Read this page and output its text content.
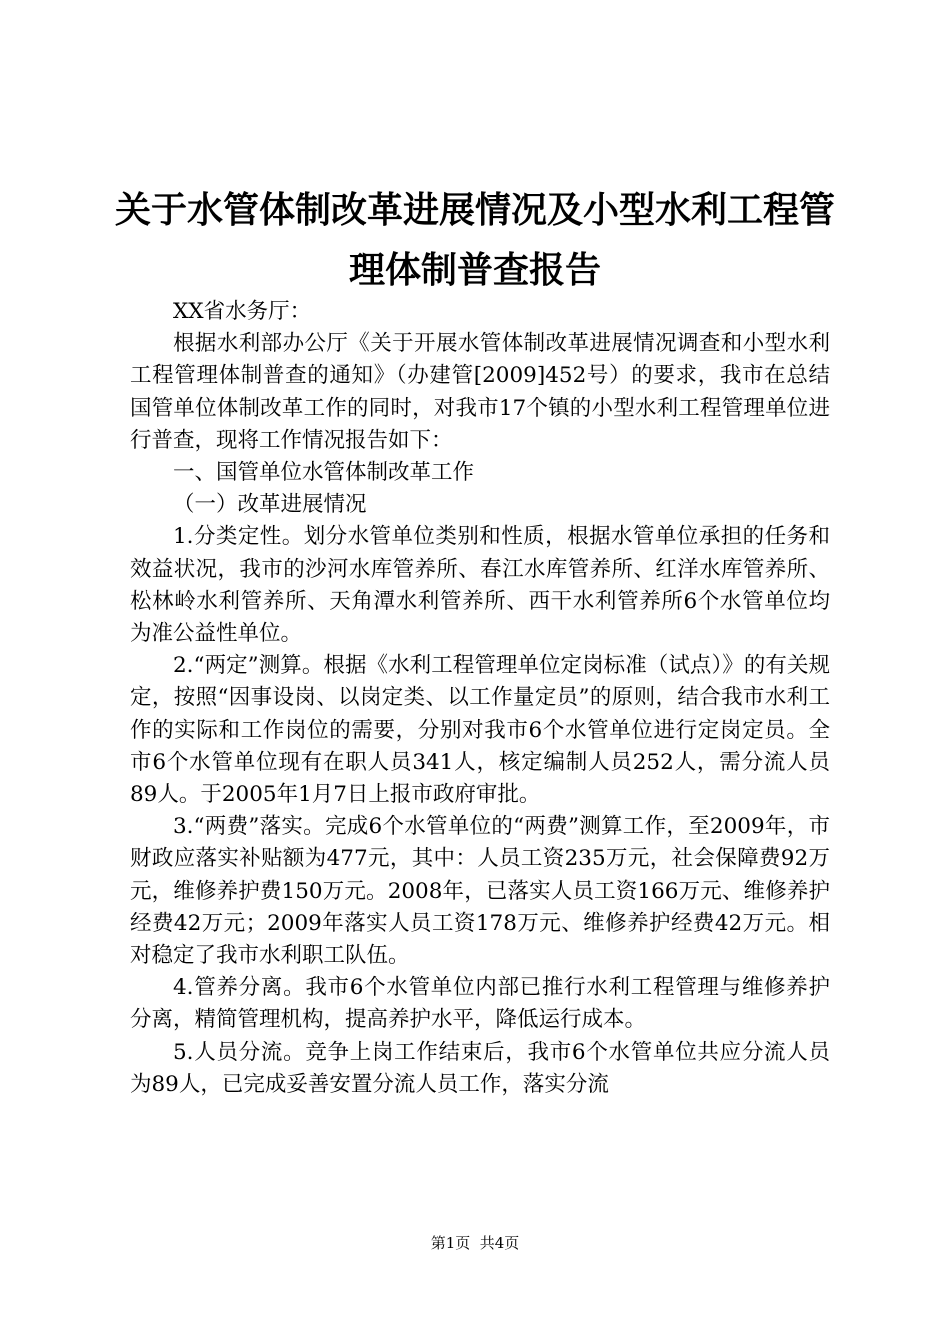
关于水管体制改革进展情况及小型水利工程管
理体制普查报告

XX省水务厅：

根据水利部办公厅《关于开展水管体制改革进展情况调查和小型水利工程管理体制普查的通知》（办建管[2009]452号）的要求，我市在总结国管单位体制改革工作的同时，对我市17个镇的小型水利工程管理单位进行普查，现将工作情况报告如下：

一、国管单位水管体制改革工作

（一）改革进展情况

1.分类定性。划分水管单位类别和性质，根据水管单位承担的任务和效益状况，我市的沙河水库管养所、春江水库管养所、红洋水库管养所、松林岭水利管养所、天角潭水利管养所、西干水利管养所6个水管单位均为准公益性单位。

2.“两定”测算。根据《水利工程管理单位定岗标准（试点）》的有关规定，按照“因事设岗、以岗定类、以工作量定员”的原则，结合我市水利工作的实际和工作岗位的需要，分别对我市6个水管单位进行定岗定员。全市6个水管单位现有在职人员341人，核定编制人员252人，需分流人员89人。于2005年1月7日上报市政府审批。

3.“两费”落实。完成6个水管单位的“两费”测算工作，至2009年，市财政应落实补贴额为477元，其中：人员工资235万元，社会保障费92万元，维修养护费150万元。2008年，已落实人员工资166万元、维修养护经费42万元；2009年落实人员工资178万元、维修养护经费42万元。相对稳定了我市水利职工队伍。

4.管养分离。我市6个水管单位内部已推行水利工程管理与维修养护分离，精简管理机构，提高养护水平，降低运行成本。

5.人员分流。竞争上岗工作结束后，我市6个水管单位共应分流人员为89人，已完成妥善安置分流人员工作，落实分流

第1页  共4页
